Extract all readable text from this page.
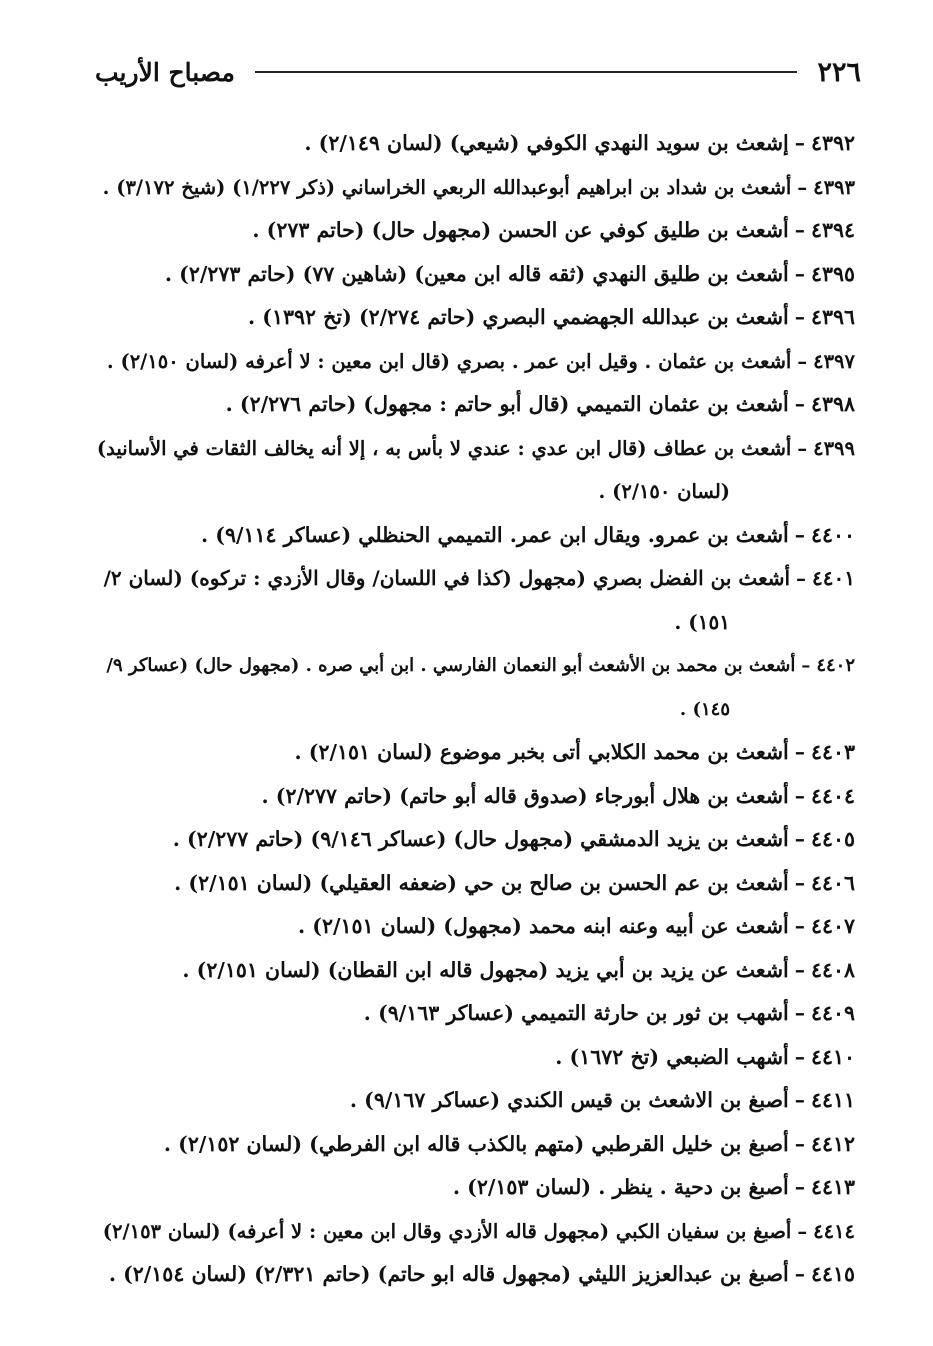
٢٢٦
مصباح الأريب
٤٣٩٢–إشعث بن سويد النهدي الكوفي (شيعي) (لسان ٢/١٤٩) .
٤٣٩٣–أشعث بن شداد بن ابراهيم أبوعبدالله الربعي الخراساني (ذكر ١/٢٢٧) (شيخ ٣/١٧٢) .
٤٣٩٤–أشعث بن طليق كوفي عن الحسن (مجهول حال) (حاتم ٢٧٣) .
٤٣٩٥–أشعث بن طليق النهدي (ثقه قاله ابن معين) (شاهين ٧٧) (حاتم ٢/٢٧٣) .
٤٣٩٦–أشعث بن عبدالله الجهضمي البصري (حاتم ٢/٢٧٤) (تخ ١٣٩٢) .
٤٣٩٧–أشعث بن عثمان . وقيل ابن عمر . بصري (قال ابن معين : لا أعرفه (لسان ٢/١٥٠) .
٤٣٩٨–أشعث بن عثمان التميمي (قال أبو حاتم : مجهول) (حاتم ٢/٢٧٦) .
٤٣٩٩–أشعث بن عطاف (قال ابن عدي : عندي لا بأس به ، إلا أنه يخالف الثقات في الأسانيد)
(لسان ٢/١٥٠) .
٤٤٠٠–أشعث بن عمرو. ويقال ابن عمر. التميمي الحنظلي (عساكر ٩/١١٤) .
٤٤٠١–أشعث بن الفضل بصري (مجهول (كذا في اللسان/ وقال الأزدي : تركوه) (لسان ٢/
١٥١) .
٤٤٠٢–أشعث بن محمد بن الأشعث أبو النعمان الفارسي . ابن أبي صره . (مجهول حال) (عساكر ٩/
١٤٥) .
٤٤٠٣–أشعث بن محمد الكلابي أتى بخبر موضوع (لسان ٢/١٥١) .
٤٤٠٤–أشعث بن هلال أبورجاء (صدوق قاله أبو حاتم) (حاتم ٢/٢٧٧) .
٤٤٠٥–أشعث بن يزيد الدمشقي (مجهول حال) (عساكر ٩/١٤٦) (حاتم ٢/٢٧٧) .
٤٤٠٦–أشعث بن عم الحسن بن صالح بن حي (ضعفه العقيلي) (لسان ٢/١٥١) .
٤٤٠٧–أشعث عن أبيه وعنه ابنه محمد (مجهول) (لسان ٢/١٥١) .
٤٤٠٨–أشعث عن يزيد بن أبي يزيد (مجهول قاله ابن القطان) (لسان ٢/١٥١) .
٤٤٠٩–أشهب بن ثور بن حارثة التميمي (عساكر ٩/١٦٣) .
٤٤١٠–أشهب الضبعي (تخ ١٦٧٢) .
٤٤١١–أصبغ بن الاشعث بن قيس الكندي (عساكر ٩/١٦٧) .
٤٤١٢–أصبغ بن خليل القرطبي (متهم بالكذب قاله ابن الفرطي) (لسان ٢/١٥٢) .
٤٤١٣–أصبغ بن دحية . ينظر . (لسان ٢/١٥٣) .
٤٤١٤–أصبغ بن سفيان الكبي (مجهول قاله الأزدي وقال ابن معين : لا أعرفه) (لسان ٢/١٥٣)
٤٤١٥–أصبغ بن عبدالعزيز الليثي (مجهول قاله ابو حاتم) (حاتم ٢/٣٢١) (لسان ٢/١٥٤) .
